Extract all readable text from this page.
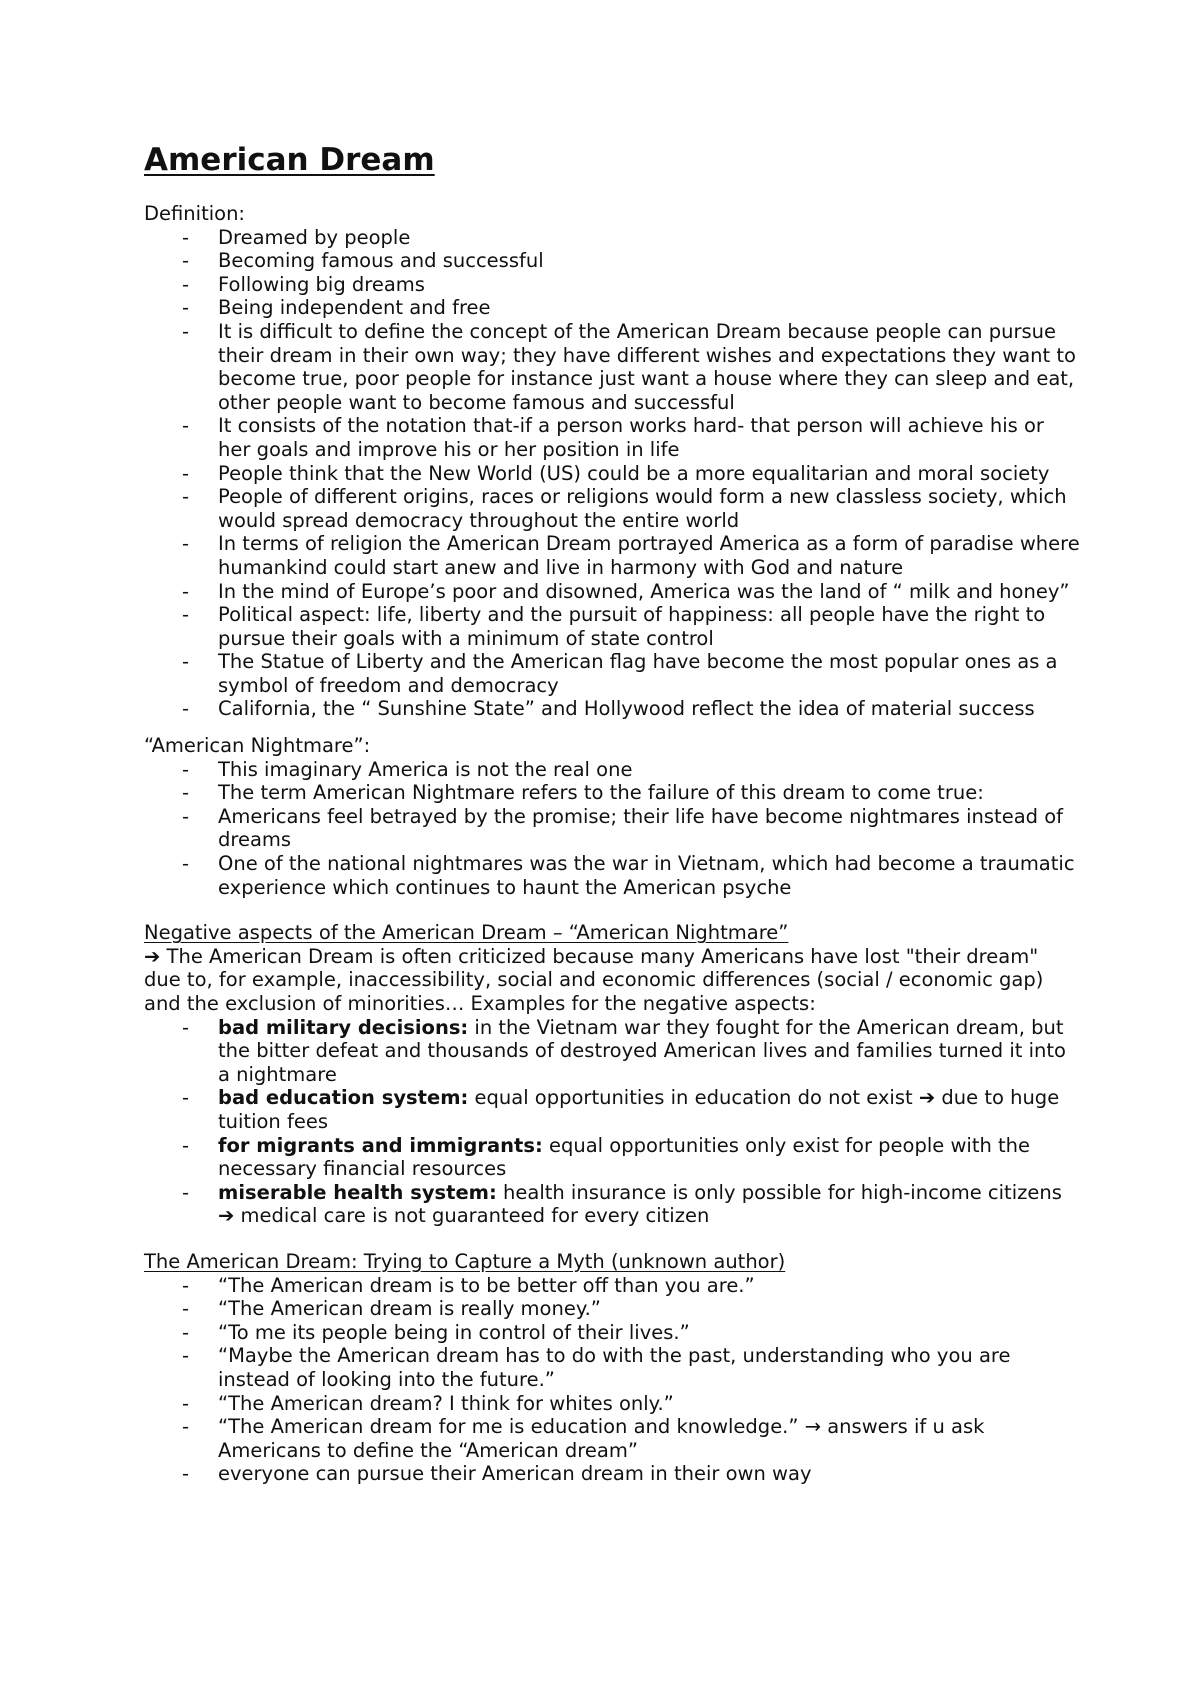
American Dream

Definition:

- Dreamed by people
- Becoming famous and successful
- Following big dreams
- Being independent and free
- It is difficult to define the concept of the American Dream because people can pursue their dream in their own way; they have different wishes and expectations they want to become true, poor people for instance just want a house where they can sleep and eat, other people want to become famous and successful
- It consists of the notation that-if a person works hard- that person will achieve his or her goals and improve his or her position in life
- People think that the New World (US) could be a more equalitarian and moral society
- People of different origins, races or religions would form a new classless society, which would spread democracy throughout the entire world
- In terms of religion the American Dream portrayed America as a form of paradise where humankind could start anew and live in harmony with God and nature
- In the mind of Europe’s poor and disowned, America was the land of “ milk and honey”
- Political aspect: life, liberty and the pursuit of happiness: all people have the right to pursue their goals with a minimum of state control
- The Statue of Liberty and the American flag have become the most popular ones as a symbol of freedom and democracy
- California, the “ Sunshine State” and Hollywood reflect the idea of material success

“American Nightmare”:

- This imaginary America is not the real one
- The term American Nightmare refers to the failure of this dream to come true:
- Americans feel betrayed by the promise; their life have become nightmares instead of dreams
- One of the national nightmares was the war in Vietnam, which had become a traumatic experience which continues to haunt the American psyche

Negative aspects of the American Dream – “American Nightmare”

➔ The American Dream is often criticized because many Americans have lost "their dream" due to, for example, inaccessibility, social and economic differences (social / economic gap) and the exclusion of minorities… Examples for the negative aspects:

- bad military decisions: in the Vietnam war they fought for the American dream, but the bitter defeat and thousands of destroyed American lives and families turned it into a nightmare
- bad education system: equal opportunities in education do not exist ➔ due to huge tuition fees
- for migrants and immigrants: equal opportunities only exist for people with the necessary financial resources
- miserable health system: health insurance is only possible for high-income citizens
➔ medical care is not guaranteed for every citizen

The American Dream: Trying to Capture a Myth (unknown author)

- “The American dream is to be better off than you are.”
- “The American dream is really money.”
- “To me its people being in control of their lives.”
- “Maybe the American dream has to do with the past, understanding who you are instead of looking into the future.”
- “The American dream? I think for whites only.”
- “The American dream for me is education and knowledge.” → answers if u ask Americans to define the “American dream”
- everyone can pursue their American dream in their own way
